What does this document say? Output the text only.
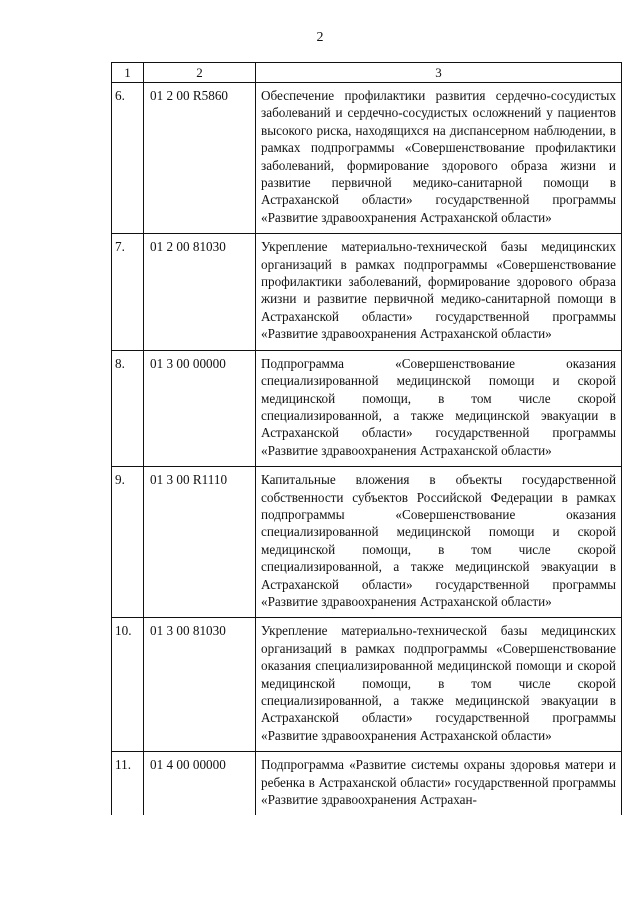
2
1	2	3
6.	01 2 00 R5860	Обеспечение профилактики развития сердечно-сосудистых заболеваний и сердечно-сосудистых осложнений у пациентов высокого риска, находящихся на диспансерном наблюдении, в рамках подпрограммы «Совершенствование профилактики заболеваний, формирование здорового образа жизни и развитие первичной медико-санитарной помощи в Астраханской области» государственной программы «Развитие здравоохранения Астраханской области»
7.	01 2 00 81030	Укрепление материально-технической базы медицинских организаций в рамках подпрограммы «Совершенствование профилактики заболеваний, формирование здорового образа жизни и развитие первичной медико-санитарной помощи в Астраханской области» государственной программы «Развитие здравоохранения Астраханской области»
8.	01 3 00 00000	Подпрограмма «Совершенствование оказания специализированной медицинской помощи и скорой медицинской помощи, в том числе скорой специализированной, а также медицинской эвакуации в Астраханской области» государственной программы «Развитие здравоохранения Астраханской области»
9.	01 3 00 R1110	Капитальные вложения в объекты государственной собственности субъектов Российской Федерации в рамках подпрограммы «Совершенствование оказания специализированной медицинской помощи и скорой медицинской помощи, в том числе скорой специализированной, а также медицинской эвакуации в Астраханской области» государственной программы «Развитие здравоохранения Астраханской области»
10.	01 3 00 81030	Укрепление материально-технической базы медицинских организаций в рамках подпрограммы «Совершенствование оказания специализированной медицинской помощи и скорой медицинской помощи, в том числе скорой специализированной, а также медицинской эвакуации в Астраханской области» государственной программы «Развитие здравоохранения Астраханской области»
11.	01 4 00 00000	Подпрограмма «Развитие системы охраны здоровья матери и ребенка в Астраханской области» государственной программы «Развитие здравоохранения Астрахан-
